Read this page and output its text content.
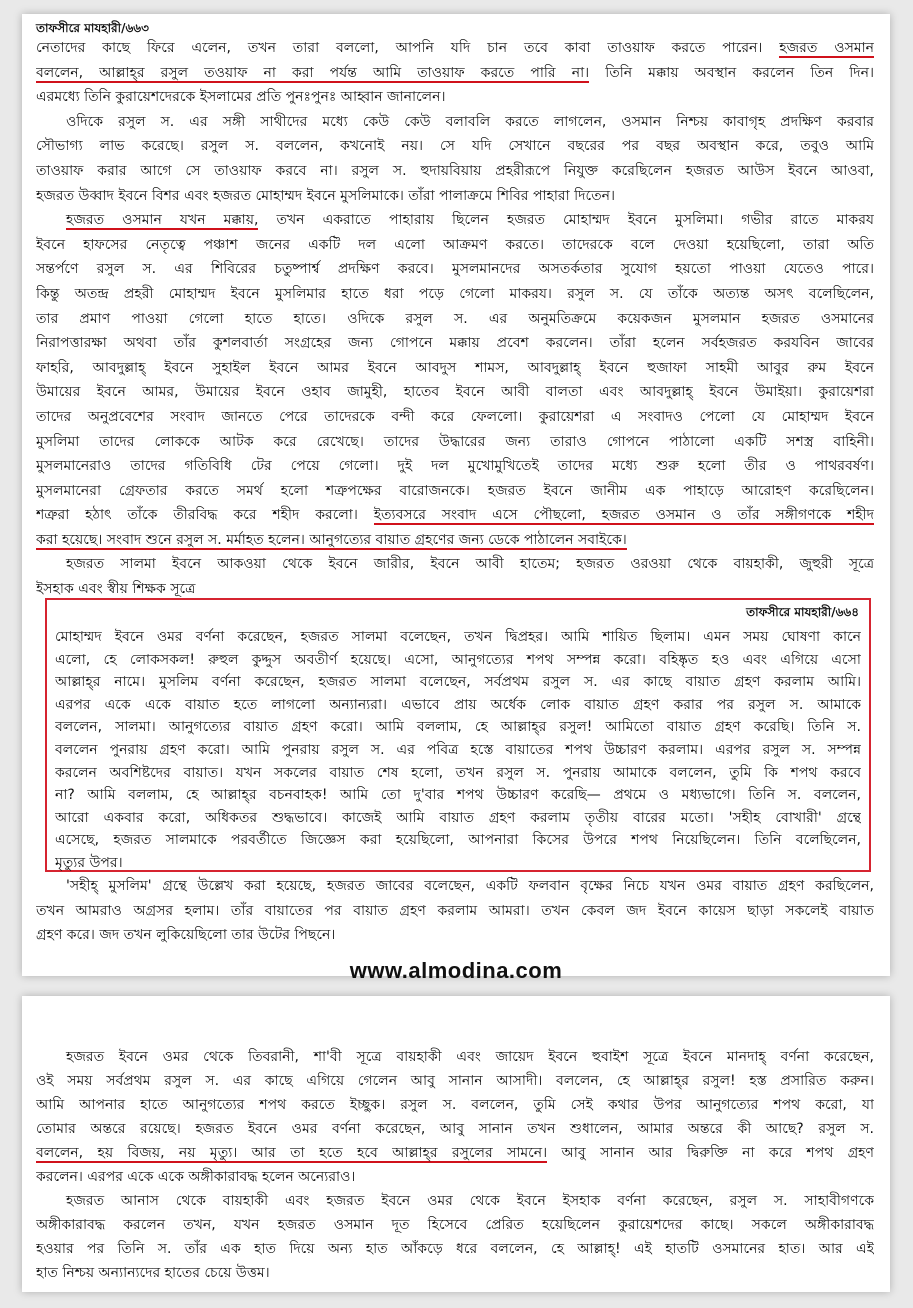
তাফসীরে মাযহারী/৬৬৩
নেতাদের কাছে ফিরে এলেন, তখন তারা বললো, আপনি যদি চান তবে কাবা তাওয়াফ করতে পারেন। হজরত ওসমান
বললেন, আল্লাহ্‌র রসুল তওয়াফ না করা পর্যন্ত আমি তাওয়াফ করতে পারি না। তিনি মক্কায় অবস্থান করলেন তিন দিন।
এরমধ্যে তিনি কুরায়েশদেরকে ইসলামের প্রতি পুনঃপুনঃ আহ্বান জানালেন।
ওদিকে রসুল স. এর সঙ্গী সাথীদের মধ্যে কেউ কেউ বলাবলি করতে লাগলেন, ওসমান নিশ্চয় কাবাগৃহ প্রদক্ষিণ করবার
সৌভাগ্য লাভ করেছে। রসুল স. বললেন, কখনোই নয়। সে যদি সেখানে বছরের পর বছর অবস্থান করে, তবুও আমি
তাওয়াফ করার আগে সে তাওয়াফ করবে না। রসুল স. হুদায়বিয়ায় প্রহরীরূপে নিযুক্ত করেছিলেন হজরত আউস ইবনে আওবা,
হজরত উব্বাদ ইবনে বিশর এবং হজরত মোহাম্মদ ইবনে মুসলিমাকে। তাঁরা পালাক্রমে শিবির পাহারা দিতেন।
হজরত ওসমান যখন মক্কায়, তখন একরাতে পাহারায় ছিলেন হজরত মোহাম্মদ ইবনে মুসলিমা। গভীর রাতে মাকরয
ইবনে হাফসের নেতৃত্বে পঞ্চাশ জনের একটি দল এলো আক্রমণ করতে। তাদেরকে বলে দেওয়া হয়েছিলো, তারা অতি
সন্তর্পণে রসুল স. এর শিবিরের চতুষ্পার্শ্ব প্রদক্ষিণ করবে। মুসলমানদের অসতর্কতার সুযোগ হয়তো পাওয়া যেতেও পারে।
কিন্তু অতন্দ্র প্রহরী মোহাম্মদ ইবনে মুসলিমার হাতে ধরা পড়ে গেলো মাকরয। রসুল স. যে তাঁকে অত্যন্ত অসৎ বলেছিলেন,
তার প্রমাণ পাওয়া গেলো হাতে হাতে। ওদিকে রসুল স. এর অনুমতিক্রমে কয়েকজন মুসলমান হজরত ওসমানের
নিরাপত্তারক্ষা অথবা তাঁর কুশলবার্তা সংগ্রহের জন্য গোপনে মক্কায় প্রবেশ করলেন। তাঁরা হলেন সর্বহজরত করযবিন জাবের
ফাহরি, আবদুল্লাহ্‌ ইবনে সুহাইল ইবনে আমর ইবনে আবদুস শামস, আবদুল্লাহ্‌ ইবনে হুজাফা সাহমী আবুর রুম ইবনে
উমায়ের ইবনে আমর, উমায়ের ইবনে ওহাব জামুহী, হাতেব ইবনে আবী বালতা এবং আবদুল্লাহ্‌ ইবনে উমাইয়া। কুরায়েশরা
তাদের অনুপ্রবেশের সংবাদ জানতে পেরে তাদেরকে বন্দী করে ফেললো। কুরায়েশরা এ সংবাদও পেলো যে মোহাম্মদ ইবনে
মুসলিমা তাদের লোককে আটক করে রেখেছে। তাদের উদ্ধারের জন্য তারাও গোপনে পাঠালো একটি সশস্ত্র বাহিনী।
মুসলমানেরাও তাদের গতিবিধি টের পেয়ে গেলো। দুই দল মুখোমুখিতেই তাদের মধ্যে শুরু হলো তীর ও পাথরবর্ষণ।
মুসলমানেরা গ্রেফতার করতে সমর্থ হলো শত্রুপক্ষের বারোজনকে। হজরত ইবনে জানীম এক পাহাড়ে আরোহণ করেছিলেন।
শত্রুরা হঠাৎ তাঁকে তীরবিদ্ধ করে শহীদ করলো। ইত্যবসরে সংবাদ এসে পৌছলো, হজরত ওসমান ও তাঁর সঙ্গীগণকে শহীদ
করা হয়েছে। সংবাদ শুনে রসুল স. মর্মাহত হলেন। আনুগত্যের বায়াত গ্রহণের জন্য ডেকে পাঠালেন সবাইকে।
হজরত সালমা ইবনে আকওয়া থেকে ইবনে জারীর, ইবনে আবী হাতেম; হজরত ওরওয়া থেকে বায়হাকী, জুহুরী সূত্রে
ইসহাক এবং স্বীয় শিক্ষক সূত্রে
তাফসীরে মাযহারী/৬৬৪
মোহাম্মদ ইবনে ওমর বর্ণনা করেছেন, হজরত সালমা বলেছেন, তখন দ্বিপ্রহর। আমি শায়িত ছিলাম। এমন সময় ঘোষণা কানে
এলো, হে লোকসকল! রুহুল কুদ্দুস অবতীর্ণ হয়েছে। এসো, আনুগত্যের শপথ সম্পন্ন করো। বহিষ্কৃত হও এবং এগিয়ে এসো
আল্লাহ্‌র নামে। মুসলিম বর্ণনা করেছেন, হজরত সালমা বলেছেন, সর্বপ্রথম রসুল স. এর কাছে বায়াত গ্রহণ করলাম আমি।
এরপর একে একে বায়াত হতে লাগলো অন্যান্যরা। এভাবে প্রায় অর্ধেক লোক বায়াত গ্রহণ করার পর রসুল স. আমাকে
বললেন, সালমা। আনুগত্যের বায়াত গ্রহণ করো। আমি বললাম, হে আল্লাহ্‌র রসুল! আমিতো বায়াত গ্রহণ করেছি। তিনি স.
বললেন পুনরায় গ্রহণ করো। আমি পুনরায় রসুল স. এর পবিত্র হস্তে বায়াতের শপথ উচ্চারণ করলাম। এরপর রসুল স. সম্পন্ন
করলেন অবশিষ্টদের বায়াত। যখন সকলের বায়াত শেষ হলো, তখন রসুল স. পুনরায় আমাকে বললেন, তুমি কি শপথ করবে
না? আমি বললাম, হে আল্লাহ্‌র বচনবাহক! আমি তো দু'বার শপথ উচ্চারণ করেছি— প্রথমে ও মধ্যভাগে। তিনি স. বললেন,
আরো একবার করো, অধিকতর শুদ্ধভাবে। কাজেই আমি বায়াত গ্রহণ করলাম তৃতীয় বারের মতো। 'সহীহ বোখারী' গ্রন্থে
এসেছে, হজরত সালমাকে পরবর্তীতে জিজ্ঞেস করা হয়েছিলো, আপনারা কিসের উপরে শপথ নিয়েছিলেন। তিনি বলেছিলেন,
মৃত্যুর উপর।
'সহীহ্‌ মুসলিম' গ্রন্থে উল্লেখ করা হয়েছে, হজরত জাবের বলেছেন, একটি ফলবান বৃক্ষের নিচে যখন ওমর বায়াত গ্রহণ করছিলেন,
তখন আমরাও অগ্রসর হলাম। তাঁর বায়াতের পর বায়াত গ্রহণ করলাম আমরা। তখন কেবল জদ ইবনে কায়েস ছাড়া সকলেই বায়াত
গ্রহণ করে। জদ তখন লুকিয়েছিলো তার উটের পিছনে।
www.almodina.com
হজরত ইবনে ওমর থেকে তিবরানী, শা'বী সূত্রে বায়হাকী এবং জায়েদ ইবনে হুবাইশ সূত্রে ইবনে মানদাহ্‌ বর্ণনা করেছেন,
ওই সময় সর্বপ্রথম রসুল স. এর কাছে এগিয়ে গেলেন আবু সানান আসাদী। বললেন, হে আল্লাহ্‌র রসুল! হস্ত প্রসারিত করুন।
আমি আপনার হাতে আনুগত্যের শপথ করতে ইচ্ছুক। রসুল স. বললেন, তুমি সেই কথার উপর আনুগত্যের শপথ করো, যা
তোমার অন্তরে রয়েছে। হজরত ইবনে ওমর বর্ণনা করেছেন, আবু সানান তখন শুধালেন, আমার অন্তরে কী আছে? রসুল স.
বললেন, হয় বিজয়, নয় মৃত্যু। আর তা হতে হবে আল্লাহ্‌র রসুলের সামনে। আবু সানান আর দ্বিরুক্তি না করে শপথ গ্রহণ
করলেন। এরপর একে একে অঙ্গীকারাবদ্ধ হলেন অন্যেরাও।
হজরত আনাস থেকে বায়হাকী এবং হজরত ইবনে ওমর থেকে ইবনে ইসহাক বর্ণনা করেছেন, রসুল স. সাহাবীগণকে
অঙ্গীকারাবদ্ধ করলেন তখন, যখন হজরত ওসমান দূত হিসেবে প্রেরিত হয়েছিলেন কুরায়েশদের কাছে। সকলে অঙ্গীকারাবদ্ধ
হওয়ার পর তিনি স. তাঁর এক হাত দিয়ে অন্য হাত আঁকড়ে ধরে বললেন, হে আল্লাহ্‌! এই হাতটি ওসমানের হাত। আর এই
হাত নিশ্চয় অন্যান্যদের হাতের চেয়ে উত্তম।
